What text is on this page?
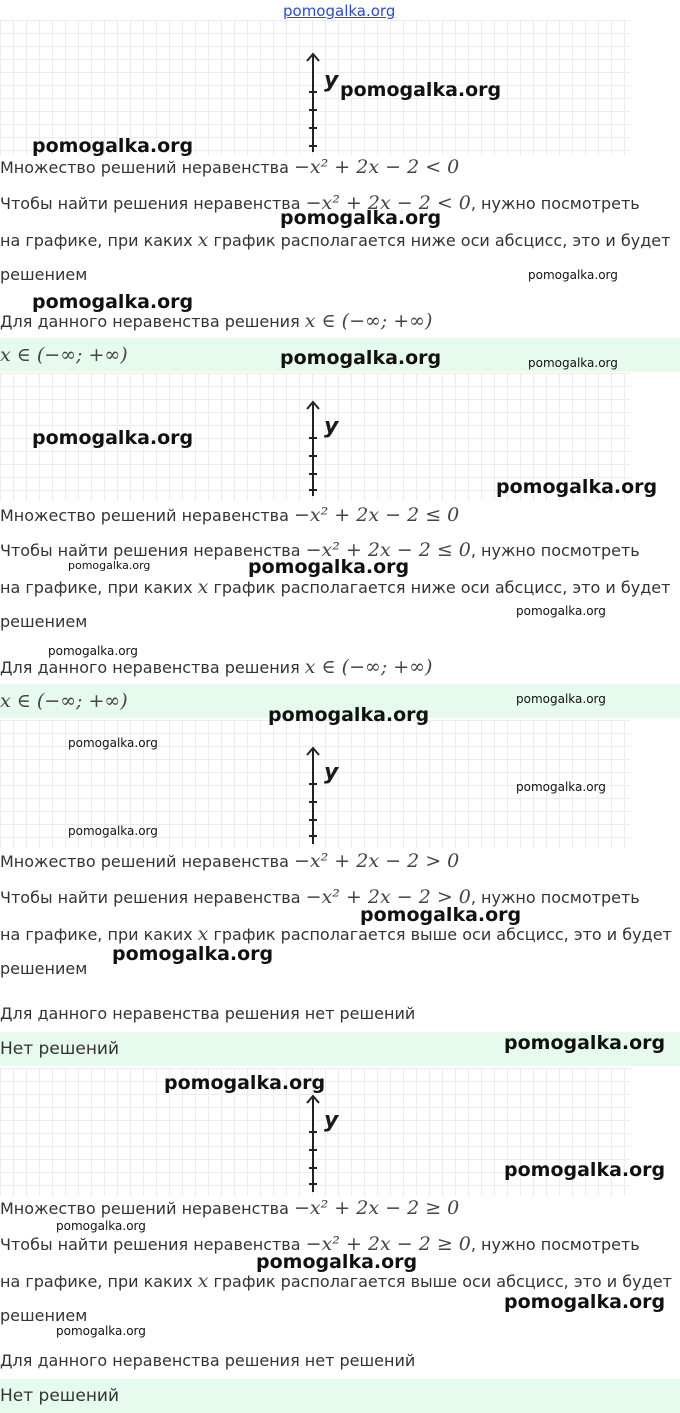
pomogalka.org
y
Множество решений неравенства −x² + 2x − 2 < 0
Чтобы найти решения неравенства −x² + 2x − 2 < 0, нужно посмотреть
на графике, при каких x график располагается ниже оси абсцисс, это и будет
решением
Для данного неравенства решения x ∈ (−∞; +∞)
x ∈ (−∞; +∞)
y
Множество решений неравенства −x² + 2x − 2 ≤ 0
Чтобы найти решения неравенства −x² + 2x − 2 ≤ 0, нужно посмотреть
на графике, при каких x график располагается ниже оси абсцисс, это и будет
решением
Для данного неравенства решения x ∈ (−∞; +∞)
x ∈ (−∞; +∞)
y
Множество решений неравенства −x² + 2x − 2 > 0
Чтобы найти решения неравенства −x² + 2x − 2 > 0, нужно посмотреть
на графике, при каких x график располагается выше оси абсцисс, это и будет
решением
Для данного неравенства решения нет решений
Нет решений
y
Множество решений неравенства −x² + 2x − 2 ≥ 0
Чтобы найти решения неравенства −x² + 2x − 2 ≥ 0, нужно посмотреть
на графике, при каких x график располагается выше оси абсцисс, это и будет
решением
Для данного неравенства решения нет решений
Нет решений
pomogalka.org
pomogalka.org
pomogalka.org
pomogalka.org
pomogalka.org
pomogalka.org	pomogalka.org
pomogalka.org
pomogalka.org
pomogalka.org	pomogalka.org
pomogalka.org
pomogalka.org
pomogalka.org
pomogalka.org
pomogalka.org
pomogalka.org
pomogalka.org
pomogalka.org
pomogalka.org
pomogalka.org
pomogalka.org
pomogalka.org
pomogalka.org
pomogalka.org
pomogalka.org
pomogalka.org
